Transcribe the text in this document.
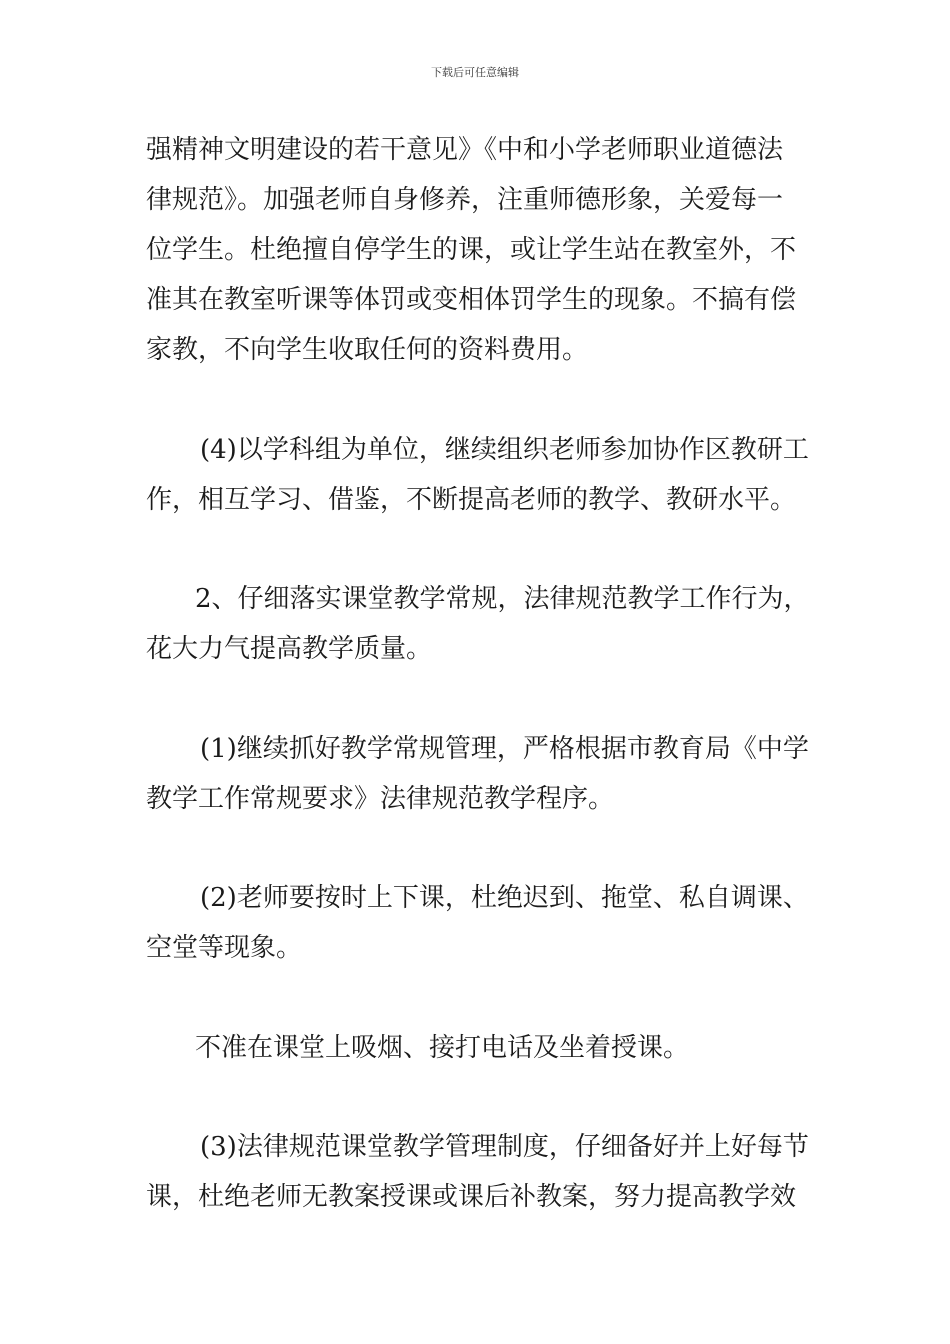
下载后可任意编辑
强精神文明建设的若干意见》《中和小学老师职业道德法
律规范》。加强老师自身修养，注重师德形象，关爱每一
位学生。杜绝擅自停学生的课，或让学生站在教室外，不
准其在教室听课等体罚或变相体罚学生的现象。不搞有偿
家教，不向学生收取任何的资料费用。
(4)以学科组为单位，继续组织老师参加协作区教研工
作，相互学习、借鉴，不断提高老师的教学、教研水平。
2、仔细落实课堂教学常规，法律规范教学工作行为，
花大力气提高教学质量。
(1)继续抓好教学常规管理，严格根据市教育局《中学
教学工作常规要求》法律规范教学程序。
(2)老师要按时上下课，杜绝迟到、拖堂、私自调课、
空堂等现象。
不准在课堂上吸烟、接打电话及坐着授课。
(3)法律规范课堂教学管理制度，仔细备好并上好每节
课，杜绝老师无教案授课或课后补教案，努力提高教学效
